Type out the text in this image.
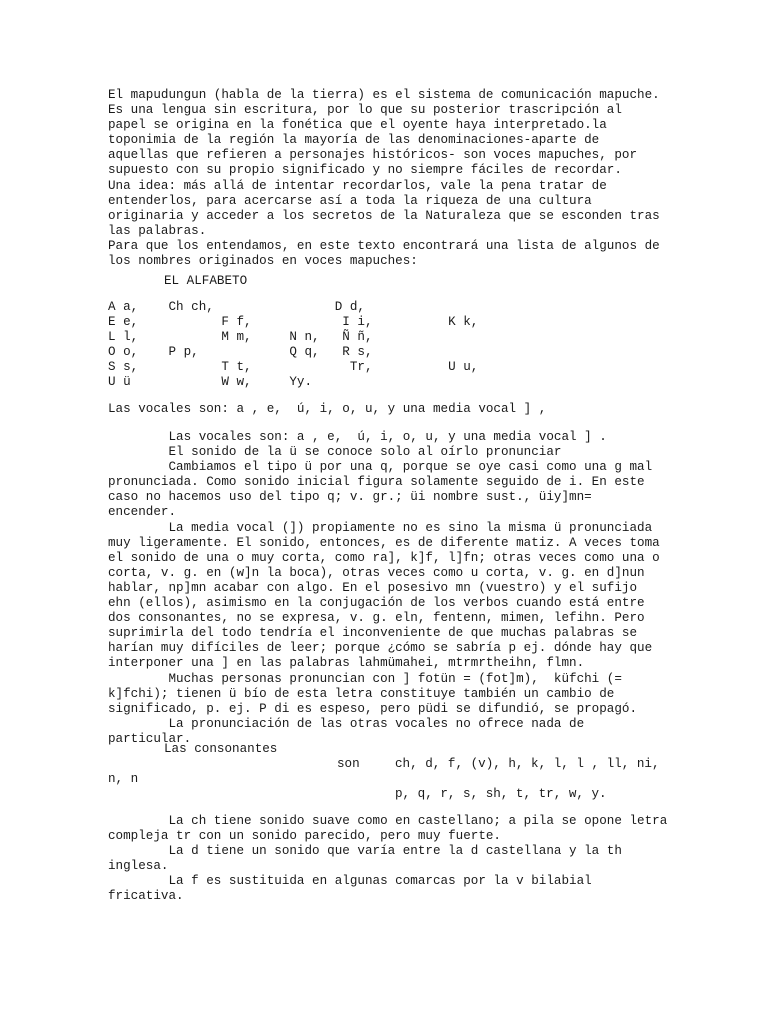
El mapudungun (habla de la tierra) es el sistema de comunicación mapuche.
Es una lengua sin escritura, por lo que su posterior trascripción al
papel se origina en la fonética que el oyente haya interpretado.la
toponimia de la región la mayoría de las denominaciones-aparte de
aquellas que refieren a personajes históricos- son voces mapuches, por
supuesto con su propio significado y no siempre fáciles de recordar.
Una idea: más allá de intentar recordarlos, vale la pena tratar de
entenderlos, para acercarse así a toda la riqueza de una cultura
originaria y acceder a los secretos de la Naturaleza que se esconden tras
las palabras.
Para que los entendamos, en este texto encontrará una lista de algunos de
los nombres originados en voces mapuches:
EL ALFABETO
A a,    Ch ch,                D d,
E e,           F f,            I i,          K k,
L l,           M m,     N n,   Ñ ñ,
O o,    P p,            Q q,   R s,
S s,           T t,             Tr,          U u,
U ü            W w,     Yy.
Las vocales son: a , e,  ú, i, o, u, y una media vocal ] ,
Las vocales son: a , e,  ú, i, o, u, y una media vocal ] .
El sonido de la ü se conoce solo al oírlo pronunciar
Cambiamos el tipo ü por una q, porque se oye casi como una g mal
pronunciada. Como sonido inicial figura solamente seguido de i. En este
caso no hacemos uso del tipo q; v. gr.; üi nombre sust., üiy]mn=
encender.
La media vocal (]) propiamente no es sino la misma ü pronunciada
muy ligeramente. El sonido, entonces, es de diferente matiz. A veces toma
el sonido de una o muy corta, como ra], k]f, l]fn; otras veces como una o
corta, v. g. en (w]n la boca), otras veces como u corta, v. g. en d]nun
hablar, np]mn acabar con algo. En el posesivo mn (vuestro) y el sufijo
ehn (ellos), asimismo en la conjugación de los verbos cuando está entre
dos consonantes, no se expresa, v. g. eln, fentenn, mimen, lefihn. Pero
suprimirla del todo tendría el inconveniente de que muchas palabras se
harían muy difíciles de leer; porque ¿cómo se sabría p ej. dónde hay que
interponer una ] en las palabras lahmümahei, mtrmrtheihn, flmn.
Muchas personas pronuncian con ] fotün = (fot]m),  küfchi (=
k]fchi); tienen ü bío de esta letra constituye también un cambio de
significado, p. ej. P di es espeso, pero püdi se difundió, se propagó.
La pronunciación de las otras vocales no ofrece nada de
particular.
Las consonantes
son	ch, d, f, (v), h, k, l, l , ll, ni,
n, n
p, q, r, s, sh, t, tr, w, y.
La ch tiene sonido suave como en castellano; a pila se opone letra
compleja tr con un sonido parecido, pero muy fuerte.
La d tiene un sonido que varía entre la d castellana y la th
inglesa.
La f es sustituida en algunas comarcas por la v bilabial
fricativa.
